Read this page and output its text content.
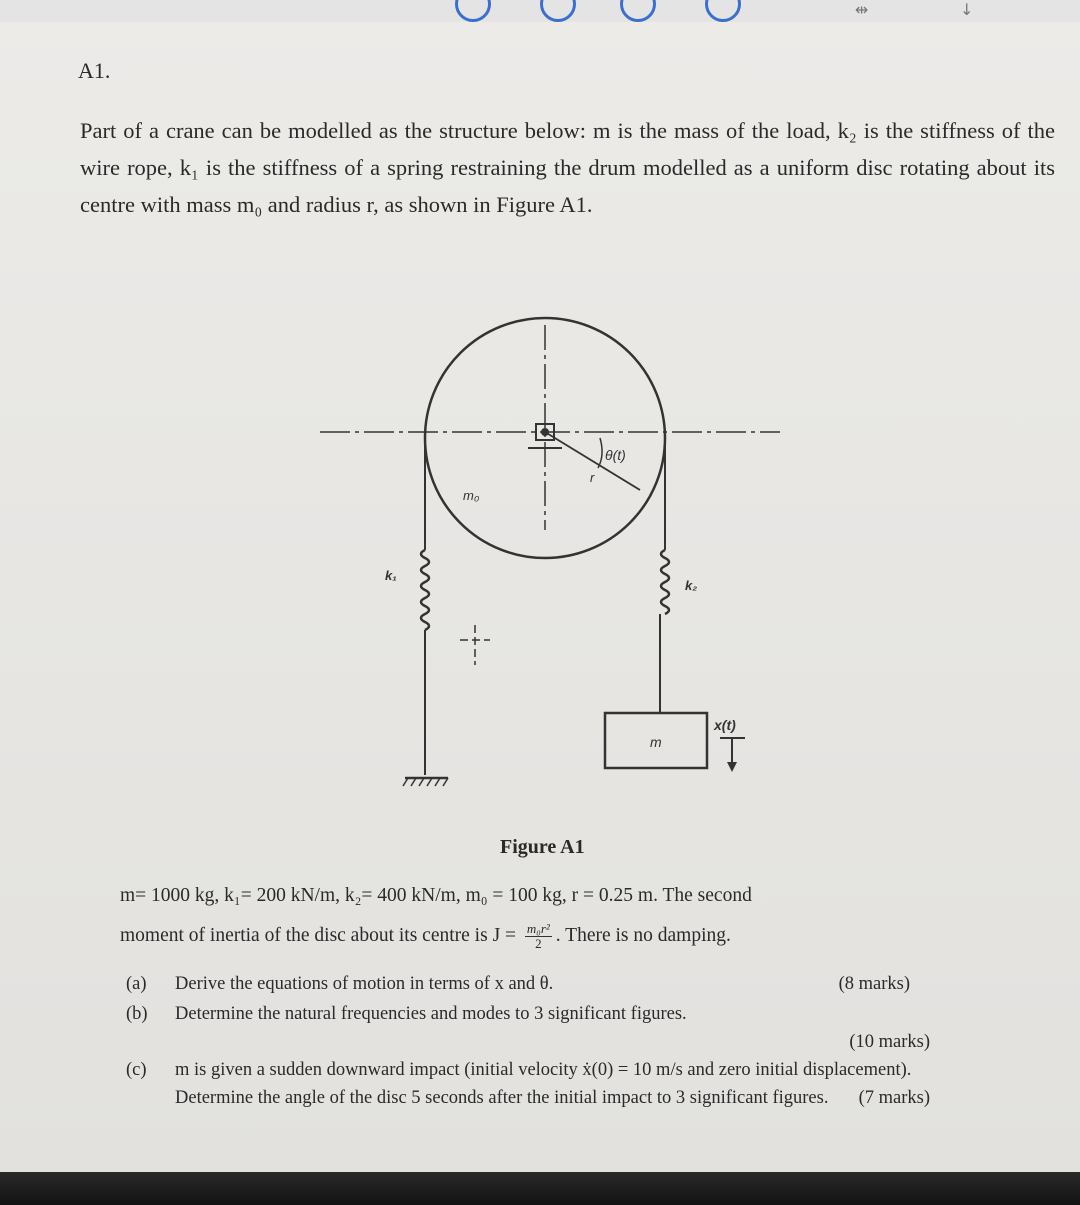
⇹	↓
A1.

Part of a crane can be modelled as the structure below: m is the mass of the load, k₂ is the stiffness of the wire rope, k₁ is the stiffness of a spring restraining the drum modelled as a uniform disc rotating about its centre with mass m₀ and radius r, as shown in Figure A1.

θ(t)
r
m₀
k₁
k₂
m
x(t)

Figure A1

m= 1000 kg, k₁= 200 kN/m, k₂= 400 kN/m, m₀ = 100 kg, r = 0.25 m. The second
moment of inertia of the disc about its centre is $J = \frac{\text{m₀r²}}{2}$ . There is no damping.

(a) Derive the equations of motion in terms of x and θ.	(8 marks)
(b) Determine the natural frequencies and modes to 3 significant figures.
(10 marks)
(c) m is given a sudden downward impact (initial velocity ẋ(0) = 10 m/s and zero initial displacement). Determine the angle of the disc 5 seconds after the initial impact to 3 significant figures.	(7 marks)
